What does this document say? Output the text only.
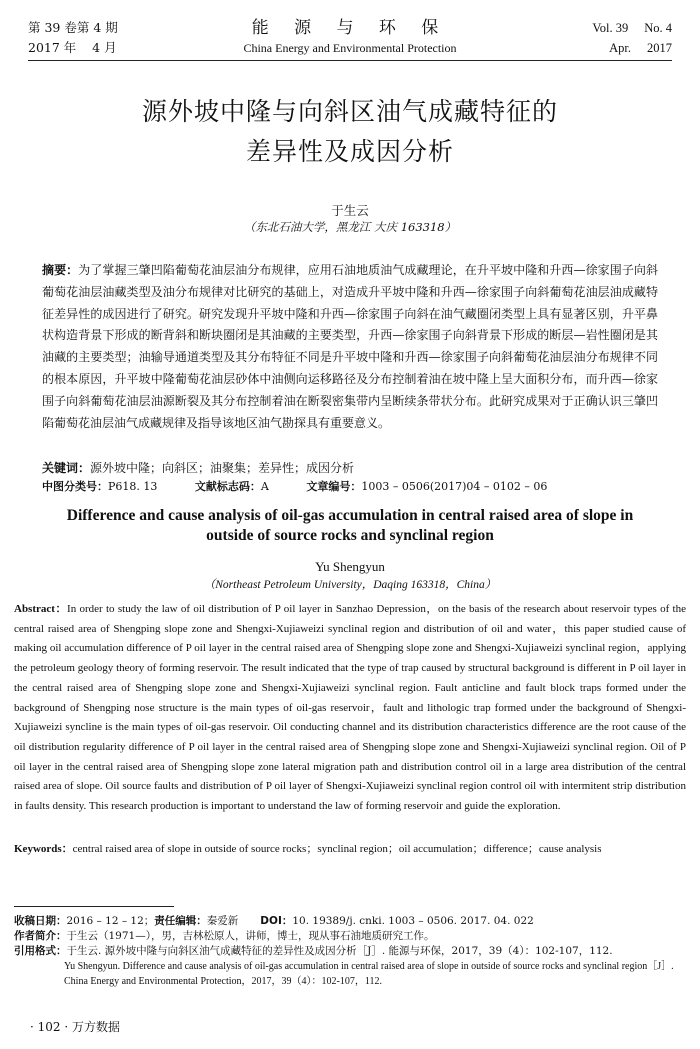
第 39 卷第 4 期
2017 年    4 月
能 源 与 环 保
China Energy and Environmental Protection
Vol. 39 No. 4
Apr. 2017
源外坡中隆与向斜区油气成藏特征的
差异性及成因分析
于生云
（东北石油大学，黑龙江 大庆 163318）
摘要：为了掌握三肇凹陷葡萄花油层油分布规律，应用石油地质油气成藏理论，在升平坡中隆和升西—徐家围子向斜葡萄花油层油藏类型及油分布规律对比研究的基础上，对造成升平坡中隆和升西—徐家围子向斜葡萄花油层油成藏特征差异性的成因进行了研究。研究发现升平坡中隆和升西—徐家围子向斜在油气藏圈闭类型上具有显著区别，升平鼻状构造背景下形成的断背斜和断块圈闭是其油藏的主要类型，升西—徐家围子向斜背景下形成的断层—岩性圈闭是其油藏的主要类型；油输导通道类型及其分布特征不同是升平坡中隆和升西—徐家围子向斜葡萄花油层油分布规律不同的根本原因，升平坡中隆葡萄花油层砂体中油侧向运移路径及分布控制着油在坡中隆上呈大面积分布，而升西—徐家围子向斜葡萄花油层油源断裂及其分布控制着油在断裂密集带内呈断续条带状分布。此研究成果对于正确认识三肇凹陷葡萄花油层油气成藏规律及指导该地区油气勘探具有重要意义。
关键词：源外坡中隆；向斜区；油聚集；差异性；成因分析
中图分类号：P618. 13	文献标志码：A	文章编号：1003 – 0506(2017)04 – 0102 – 06
Difference and cause analysis of oil-gas accumulation in central raised area of slope in
outside of source rocks and synclinal region
Yu Shengyun
（Northeast Petroleum University，Daqing 163318，China）
Abstract：In order to study the law of oil distribution of P oil layer in Sanzhao Depression，on the basis of the research about reservoir types of the central raised area of Shengping slope zone and Shengxi-Xujiaweizi synclinal region and distribution of oil and water，this paper studied cause of making oil accumulation difference of P oil layer in the central raised area of Shengping slope zone and Shengxi-Xujiaweizi synclinal region，applying the petroleum geology theory of forming reservoir. The result indicated that the type of trap caused by structural background is different in P oil layer in the central raised area of Shengping slope zone and Shengxi-Xujiaweizi synclinal region. Fault anticline and fault block traps formed under the background of Shengping nose structure is the main types of oil-gas reservoir，fault and lithologic trap formed under the background of Shengxi-Xujiaweizi syncline is the main types of oil-gas reservoir. Oil conducting channel and its distribution characteristics difference are the root cause of the oil distribution regularity difference of P oil layer in the central raised area of Shengping slope zone and Shengxi-Xujiaweizi synclinal region. Oil of P oil layer in the central raised area of Shengping slope zone lateral migration path and distribution control oil in a large area distribution of the central raised area of slope. Oil source faults and distribution of P oil layer of Shengxi-Xujiaweizi synclinal region control oil with intermitent strip distribution in faults density. This research production is important to understand the law of forming reservoir and guide the exploration.
Keywords：central raised area of slope in outside of source rocks；synclinal region；oil accumulation；difference；cause analysis
收稿日期：2016 – 12 – 12；责任编辑：秦爱新 DOI：10. 19389/j. cnki. 1003 – 0506. 2017. 04. 022
作者简介：于生云（1971—），男，吉林松原人，讲师，博士，现从事石油地质研究工作。
引用格式：于生云. 源外坡中隆与向斜区油气成藏特征的差异性及成因分析［J］. 能源与环保，2017，39（4）：102-107，112.
Yu Shengyun. Difference and cause analysis of oil-gas accumulation in central raised area of slope in outside of source rocks and synclinal region［J］. China Energy and Environmental Protection，2017，39（4）：102-107，112.
· 102 · 万方数据
